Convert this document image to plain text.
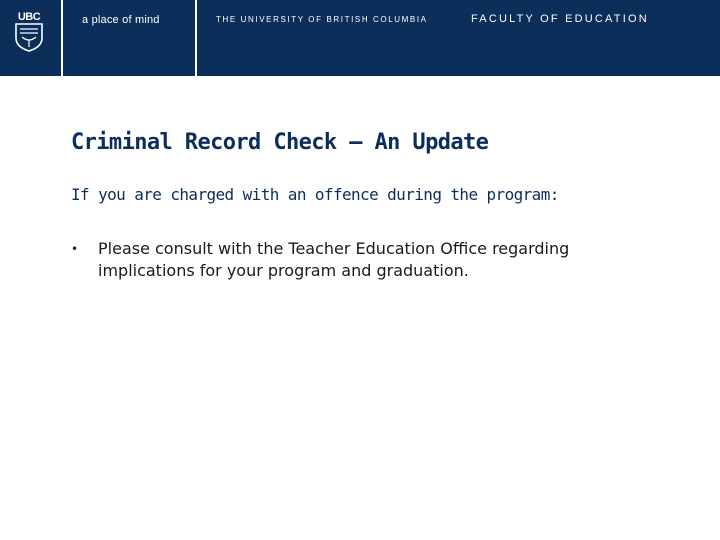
UBC	a place of mind	THE UNIVERSITY OF BRITISH COLUMBIA	FACULTY OF EDUCATION
Criminal Record Check – An Update
If you are charged with an offence during the program:
• Please consult with the Teacher Education Office regarding implications for your program and graduation.
